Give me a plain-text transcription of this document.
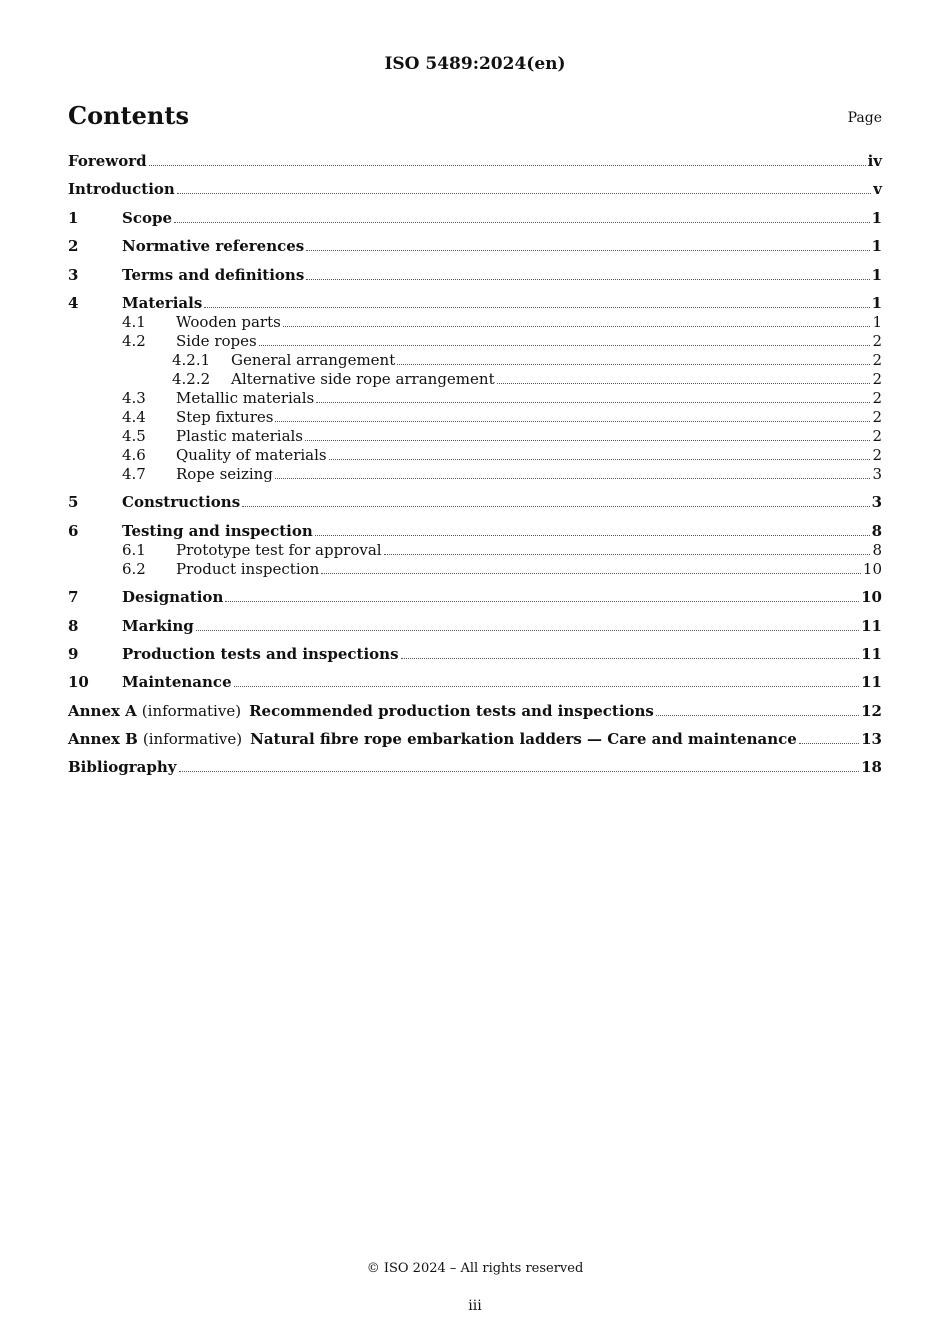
ISO 5489:2024(en)
Contents	Page
Foreword	iv
Introduction	v
1	Scope	1
2	Normative references	1
3	Terms and definitions	1
4	Materials	1
4.1	Wooden parts	1
4.2	Side ropes	2
4.2.1	General arrangement	2
4.2.2	Alternative side rope arrangement	2
4.3	Metallic materials	2
4.4	Step fixtures	2
4.5	Plastic materials	2
4.6	Quality of materials	2
4.7	Rope seizing	3
5	Constructions	3
6	Testing and inspection	8
6.1	Prototype test for approval	8
6.2	Product inspection	10
7	Designation	10
8	Marking	11
9	Production tests and inspections	11
10	Maintenance	11
Annex A (informative) Recommended production tests and inspections	12
Annex B (informative) Natural fibre rope embarkation ladders — Care and maintenance	13
Bibliography	18
© ISO 2024 – All rights reserved
iii
